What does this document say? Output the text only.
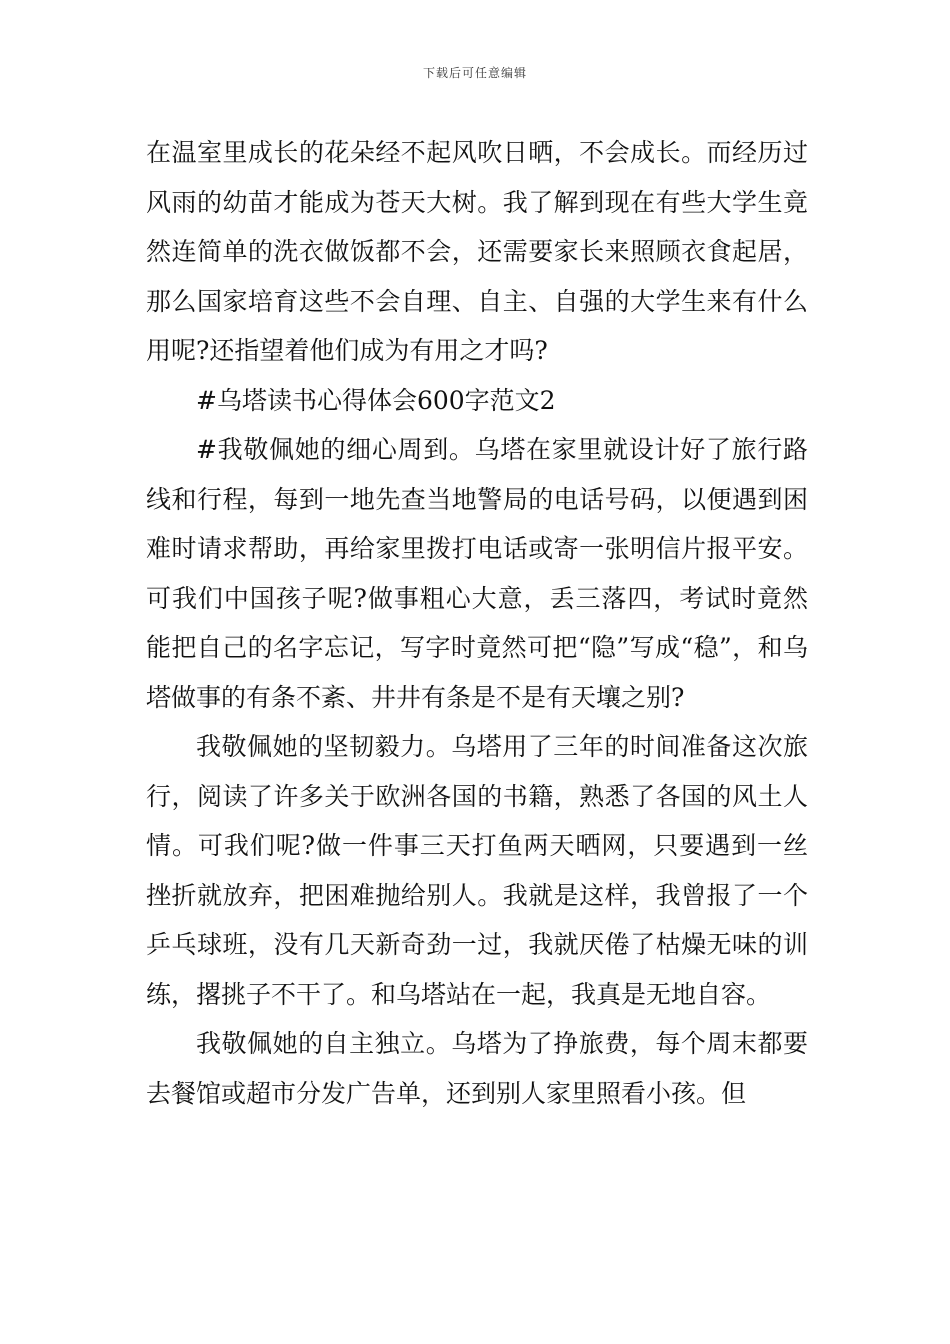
下载后可任意编辑

在温室里成长的花朵经不起风吹日晒，不会成长。而经历过风雨的幼苗才能成为苍天大树。我了解到现在有些大学生竟然连简单的洗衣做饭都不会，还需要家长来照顾衣食起居，那么国家培育这些不会自理、自主、自强的大学生来有什么用呢?还指望着他们成为有用之才吗?

#乌塔读书心得体会600字范文2

#我敬佩她的细心周到。乌塔在家里就设计好了旅行路线和行程，每到一地先查当地警局的电话号码，以便遇到困难时请求帮助，再给家里拨打电话或寄一张明信片报平安。可我们中国孩子呢?做事粗心大意，丢三落四，考试时竟然能把自己的名字忘记，写字时竟然可把“隐”写成“稳”，和乌塔做事的有条不紊、井井有条是不是有天壤之别?

我敬佩她的坚韧毅力。乌塔用了三年的时间准备这次旅行，阅读了许多关于欧洲各国的书籍，熟悉了各国的风土人情。可我们呢?做一件事三天打鱼两天晒网，只要遇到一丝挫折就放弃，把困难抛给别人。我就是这样，我曾报了一个乒乓球班，没有几天新奇劲一过，我就厌倦了枯燥无味的训练，撂挑子不干了。和乌塔站在一起，我真是无地自容。

我敬佩她的自主独立。乌塔为了挣旅费，每个周末都要去餐馆或超市分发广告单，还到别人家里照看小孩。但
